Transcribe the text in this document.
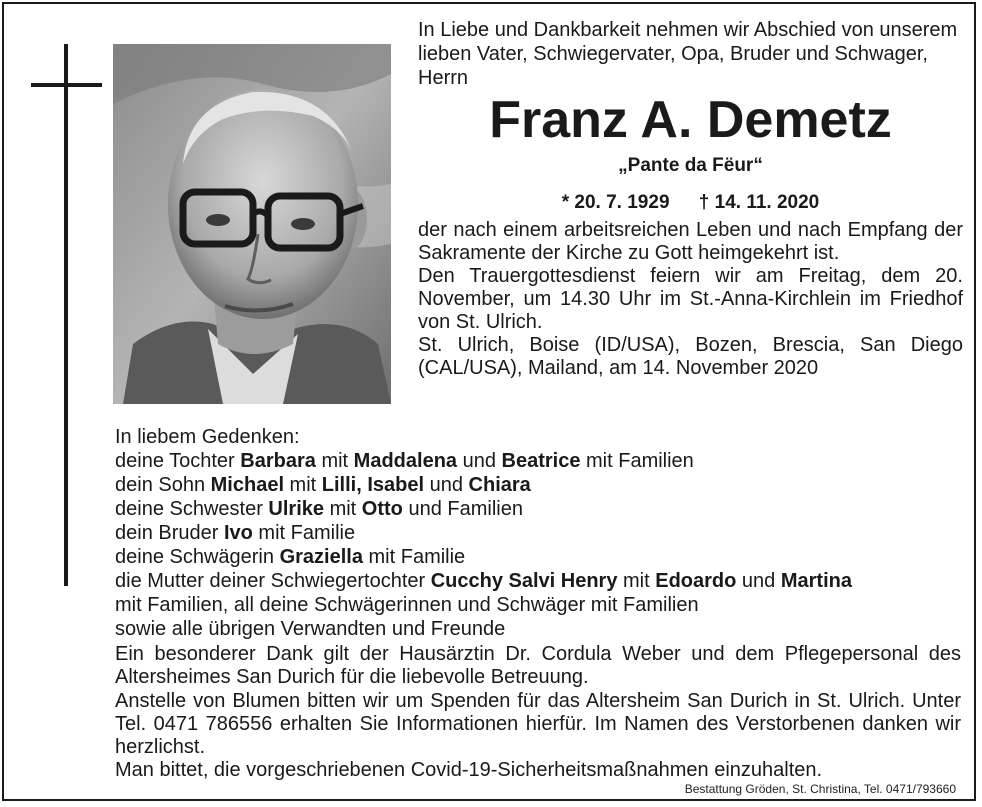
In Liebe und Dankbarkeit nehmen wir Abschied von unserem lieben Vater, Schwiegervater, Opa, Bruder und Schwager, Herrn

Franz A. Demetz
„Pante da Fëur“
* 20. 7. 1929 † 14. 11. 2020

der nach einem arbeitsreichen Leben und nach Empfang der Sakramente der Kirche zu Gott heimgekehrt ist.

Den Trauergottesdienst feiern wir am Freitag, dem 20. November, um 14.30 Uhr im St.-Anna-Kirchlein im Friedhof von St. Ulrich.

St. Ulrich, Boise (ID/USA), Bozen, Brescia, San Diego (CAL/USA), Mailand, am 14. November 2020

In liebem Gedenken:
deine Tochter Barbara mit Maddalena und Beatrice mit Familien
dein Sohn Michael mit Lilli, Isabel und Chiara
deine Schwester Ulrike mit Otto und Familien
dein Bruder Ivo mit Familie
deine Schwägerin Graziella mit Familie
die Mutter deiner Schwiegertochter Cucchy Salvi Henry mit Edoardo und Martina
mit Familien, all deine Schwägerinnen und Schwäger mit Familien
sowie alle übrigen Verwandten und Freunde

Ein besonderer Dank gilt der Hausärztin Dr. Cordula Weber und dem Pflegepersonal des Altersheimes San Durich für die liebevolle Betreuung.

Anstelle von Blumen bitten wir um Spenden für das Altersheim San Durich in St. Ulrich. Unter Tel. 0471 786556 erhalten Sie Informationen hierfür. Im Namen des Verstorbenen danken wir herzlichst.

Man bittet, die vorgeschriebenen Covid-19-Sicherheitsmaßnahmen einzuhalten.

Bestattung Gröden, St. Christina, Tel. 0471/793660
